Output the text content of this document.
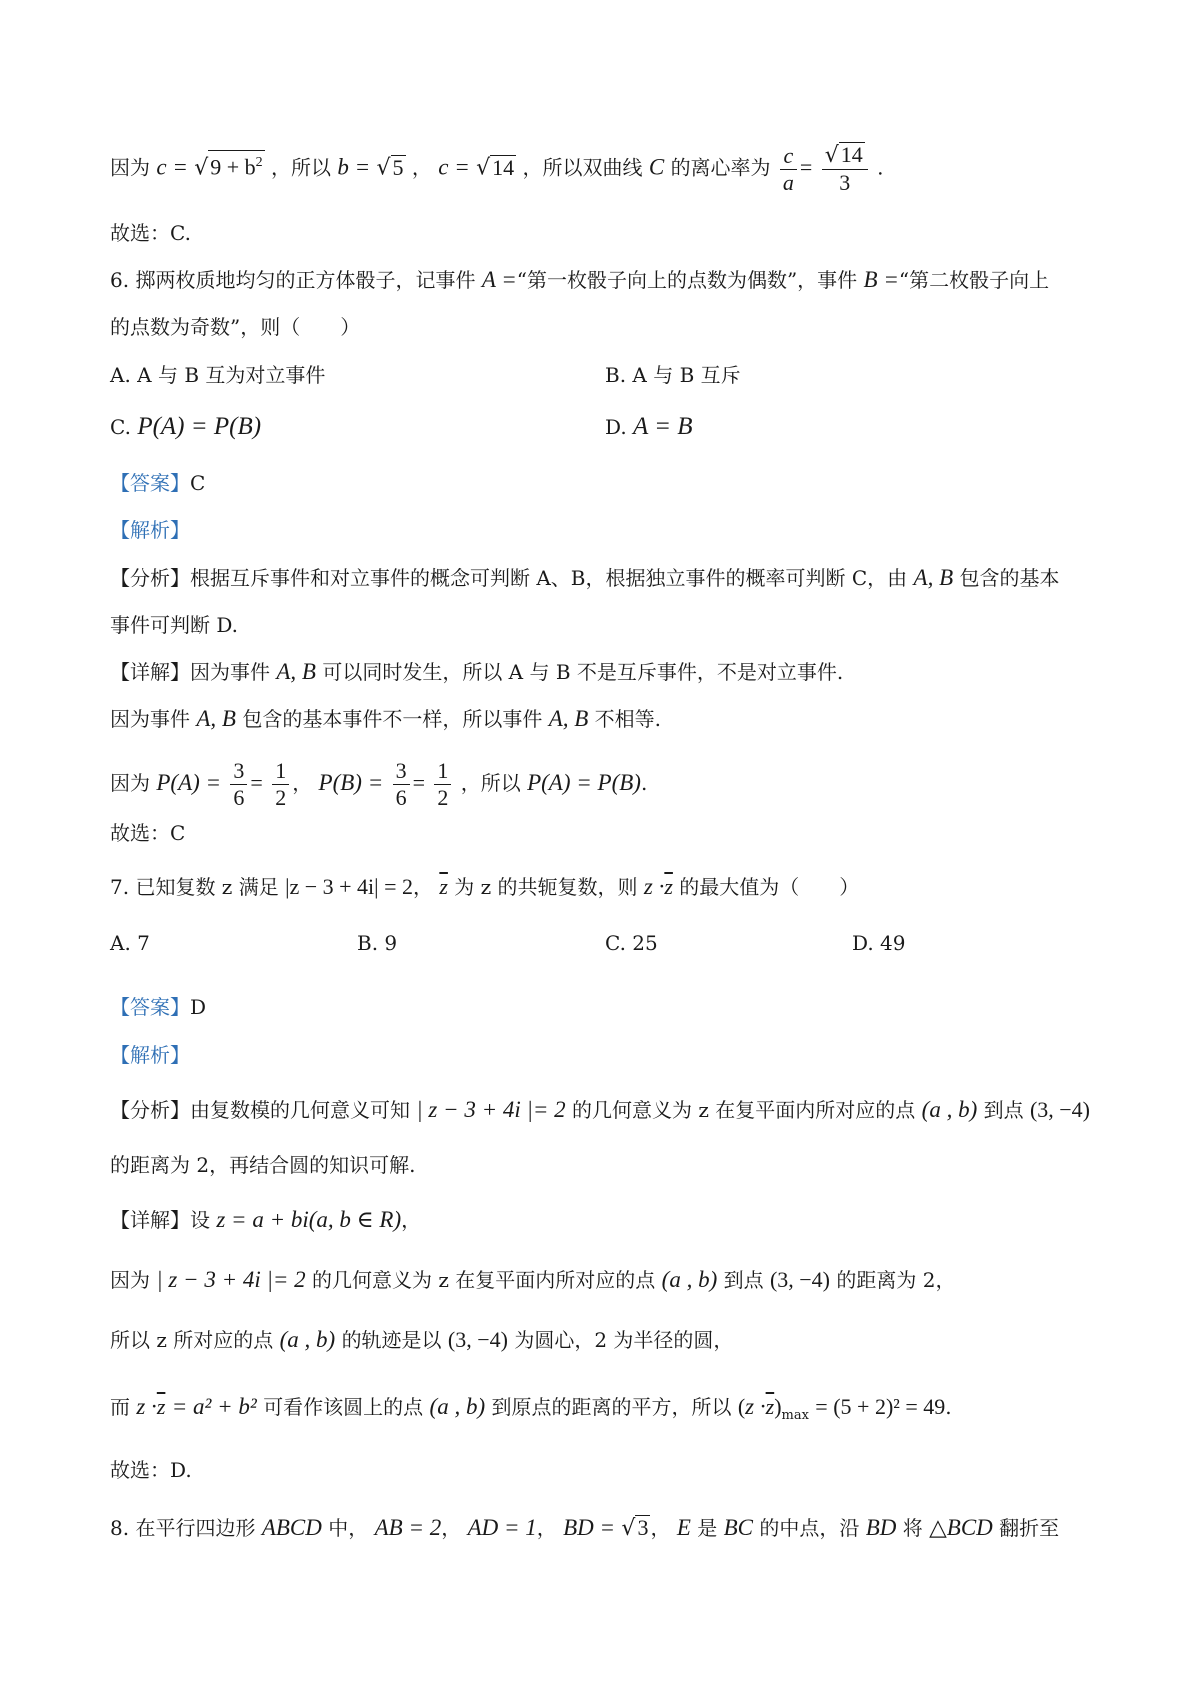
因为 $c = √9 + b^2$ ，所以 b = √5 ， c = √14 ，所以双曲线 C 的离心率为 $\frac{c}{a} = \frac{√14}{3}$ .
故选：C.
6. 掷两枚质地均匀的正方体骰子，记事件 A =“第一枚骰子向上的点数为偶数”，事件 B =“第二枚骰子向上
的点数为奇数”，则（　　）
A. A 与 B 互为对立事件	B. A 与 B 互斥
C. P(A) = P(B)	D. A = B
【答案】C
【解析】
【分析】根据互斥事件和对立事件的概念可判断 A、B，根据独立事件的概率可判断 C，由 A, B 包含的基本
事件可判断 D.
【详解】因为事件 A, B 可以同时发生，所以 A 与 B 不是互斥事件，不是对立事件.
因为事件 A, B 包含的基本事件不一样，所以事件 A, B 不相等.
因为 $P(A) = \frac{3}{6} = \frac{1}{2}$ ， $P(B) = \frac{3}{6} = \frac{1}{2}$ ，所以 P(A) = P(B).
故选：C
7. 已知复数 z 满足 |z − 3 + 4i| = 2， $\overline{z}$ 为 z 的共轭复数，则 $z \cdot\overline{z}$ 的最大值为（　　）
A. 7	B. 9	C. 25	D. 49
【答案】D
【解析】
【分析】由复数模的几何意义可知 | z − 3 + 4i |= 2 的几何意义为 z 在复平面内所对应的点 (a , b) 到点 (3, −4)
的距离为 2，再结合圆的知识可解.
【详解】设 z = a + bi(a, b ∈ R)，
因为 | z − 3 + 4i |= 2 的几何意义为 z 在复平面内所对应的点 (a , b) 到点 (3, −4) 的距离为 2，
所以 z 所对应的点 (a , b) 的轨迹是以 (3, −4) 为圆心，2 为半径的圆，
而 $z \cdot\overline{z} = a^2 + b^2$ 可看作该圆上的点 (a , b) 到原点的距离的平方，所以 $(z \cdot\overline{z})_{max} = (5 + 2)^2 = 49$.
故选：D.
8. 在平行四边形 ABCD 中， AB = 2， AD = 1， BD = √3 ， E 是 BC 的中点，沿 BD 将 △BCD 翻折至
